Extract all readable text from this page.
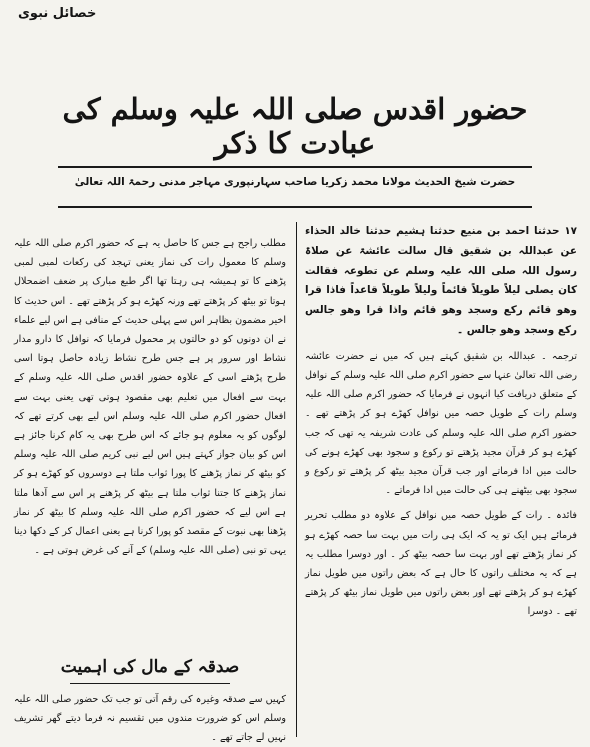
خصائل نبوی
حضور اقدس صلی اللہ علیہ وسلم کی عبادت کا ذکر
حضرت شیخ الحدیث مولانا محمد زکریا صاحب سہارنپوری مہاجر مدنی رحمۃ اللہ تعالیٰ

۱۷ حدثنا احمد بن منیع حدثنا ہشیم حدثنا خالد الحذاء عن عبداللہ بن شقیق قال سالت عائشۃ عن صلاۃ رسول اللہ صلی اللہ علیہ وسلم عن تطوعہ فقالت کان یصلی لیلاً طویلاً قائماً ولیلاً طویلاً قاعداً فاذا قرا وھو قائم رکع وسجد وھو قائم واذا قرا وھو جالس رکع وسجد وھو جالس ۔

ترجمہ ۔ عبداللہ بن شقیق کہتے ہیں کہ میں نے حضرت عائشہ رضی اللہ تعالیٰ عنہا سے حضور اکرم صلی اللہ علیہ وسلم کے نوافل کے متعلق دریافت کیا انہوں نے فرمایا کہ حضور اکرم صلی اللہ علیہ وسلم رات کے طویل حصہ میں نوافل کھڑے ہو کر پڑھتے تھے ۔ حضور اکرم صلی اللہ علیہ وسلم کی عادت شریفہ یہ تھی کہ جب کھڑے ہو کر قرآن مجید پڑھتے تو رکوع و سجود بھی کھڑے ہونے کی حالت میں ادا فرماتے اور جب قرآن مجید بیٹھ کر پڑھتے تو رکوع و سجود بھی بیٹھنے ہی کی حالت میں ادا فرماتے ۔

فائدہ ۔ رات کے طویل حصہ میں نوافل کے علاوہ دو مطلب تحریر فرمائے ہیں ایک تو یہ کہ ایک ہی رات میں بہت سا حصہ کھڑے ہو کر نماز پڑھتے تھے اور بہت سا حصہ بیٹھ کر ۔ اور دوسرا مطلب یہ ہے کہ یہ مختلف راتوں کا حال ہے کہ بعض راتوں میں طویل نماز کھڑے ہو کر پڑھتے تھے اور بعض راتوں میں طویل نماز بیٹھ کر پڑھتے تھے ۔ دوسرا

مطلب راجح ہے جس کا حاصل یہ ہے کہ حضور اکرم صلی اللہ علیہ وسلم کا معمول رات کی نماز یعنی تہجد کی رکعات لمبی لمبی پڑھنے کا تو ہمیشہ ہی رہتا تھا اگر طبع مبارک پر ضعف اضمحلال ہوتا تو بیٹھ کر پڑھتے تھے ورنہ کھڑے ہو کر پڑھتے تھے ۔ اس حدیث کا اخیر مضمون بظاہر اس سے پہلی حدیث کے منافی ہے اس لیے علماء نے ان دونوں کو دو حالتوں پر محمول فرمایا کہ نوافل کا دارو مدار نشاط اور سرور پر ہے جس طرح نشاط زیادہ حاصل ہوتا اسی طرح پڑھتے اسی کے علاوہ حضور اقدس صلی اللہ علیہ وسلم کے بہت سے افعال میں تعلیم بھی مقصود ہوتی تھی یعنی بہت سے افعال حضور اکرم صلی اللہ علیہ وسلم اس لیے بھی کرتے تھے کہ لوگوں کو یہ معلوم ہو جائے کہ اس طرح بھی یہ کام کرنا جائز ہے اس کو بیان جواز کہتے ہیں اس لیے نبی کریم صلی اللہ علیہ وسلم کو بیٹھ کر نماز پڑھنے کا پورا ثواب ملتا ہے دوسروں کو کھڑے ہو کر نماز پڑھنے کا جتنا ثواب ملتا ہے بیٹھ کر پڑھنے پر اس سے آدھا ملتا ہے اس لیے کہ حضور اکرم صلی اللہ علیہ وسلم کا بیٹھ کر نماز پڑھنا بھی نبوت کے مقصد کو پورا کرنا ہے یعنی اعمال کر کے دکھا دینا یہی تو نبی (صلی اللہ علیہ وسلم) کے آنے کی غرض ہوتی ہے ۔

صدقہ کے مال کی اہمیت
کہیں سے صدقہ وغیرہ کی رقم آتی تو جب تک حضور صلی اللہ علیہ وسلم اس کو ضرورت مندوں میں تقسیم نہ فرما دیتے گھر تشریف نہیں لے جاتے تھے ۔
